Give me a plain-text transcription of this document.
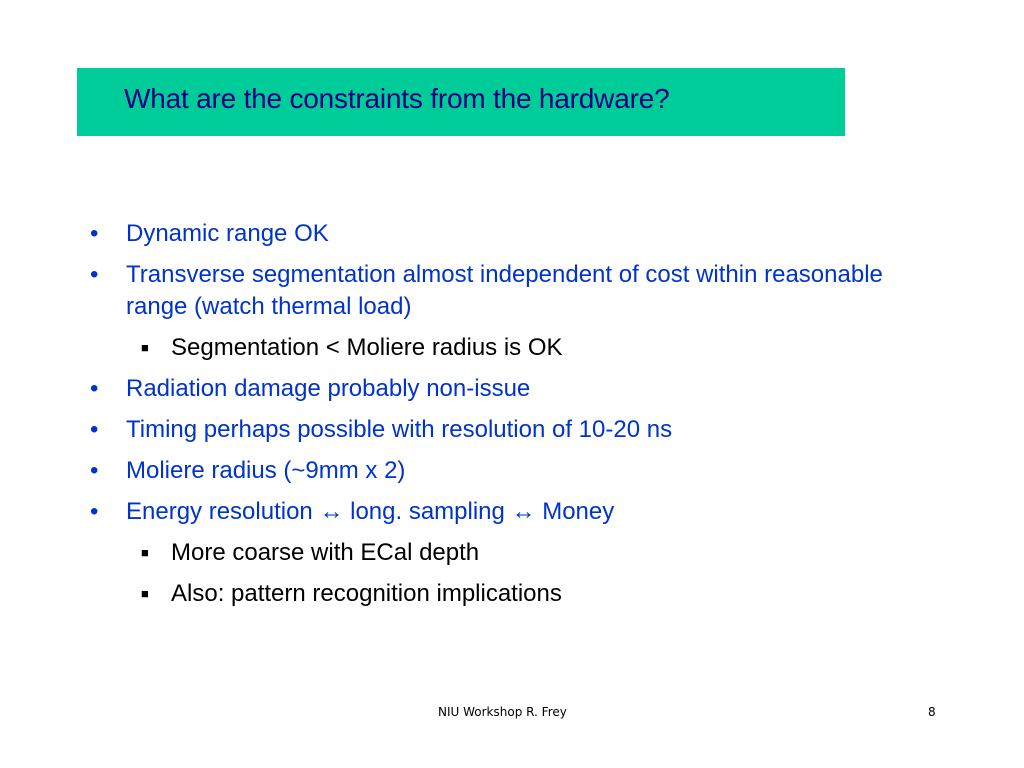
What are the constraints from the hardware?
• Dynamic range OK
• Transverse segmentation almost independent of cost within reasonable range (watch thermal load)
■ Segmentation < Moliere radius is OK
• Radiation damage probably non-issue
• Timing perhaps possible with resolution of 10-20 ns
• Moliere radius (~9mm x 2)
• Energy resolution ↔ long. sampling ↔ Money
■ More coarse with ECal depth
■ Also: pattern recognition implications
NIU Workshop R. Frey	8
